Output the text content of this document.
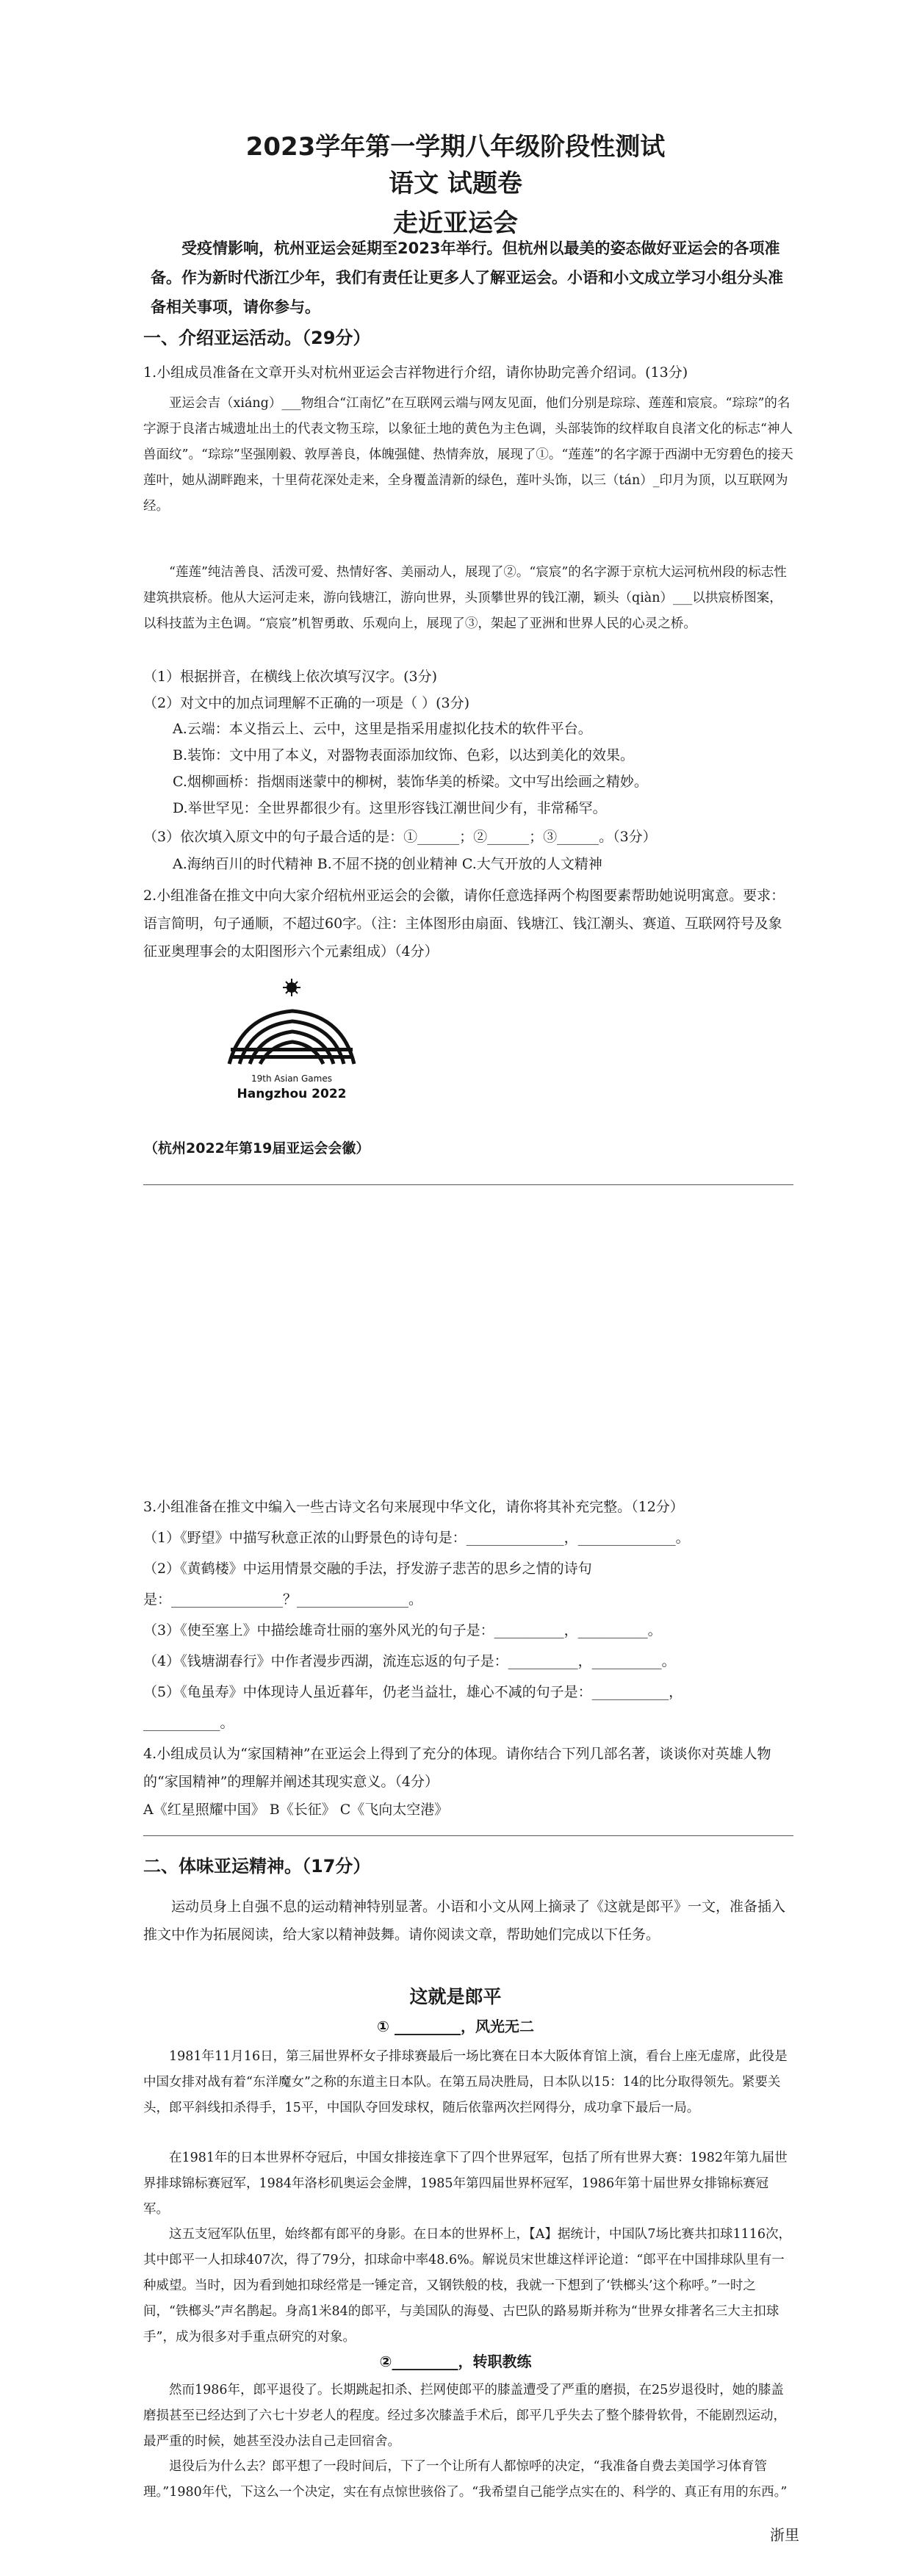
2023学年第一学期八年级阶段性测试
语文 试题卷
走近亚运会

受疫情影响，杭州亚运会延期至2023年举行。但杭州以最美的姿态做好亚运会的各项准备。作为新时代浙江少年，我们有责任让更多人了解亚运会。小语和小文成立学习小组分头准备相关事项，请你参与。

一、介绍亚运活动。（29分）

1.小组成员准备在文章开头对杭州亚运会吉祥物进行介绍，请你协助完善介绍词。(13分)

亚运会吉（xiáng）___物组合“江南忆”在互联网云端与网友见面，他们分别是琮琮、莲莲和宸宸。“琮琮”的名字源于良渚古城遗址出土的代表文物玉琮，以象征土地的黄色为主色调，头部装饰的纹样取自良渚文化的标志“神人兽面纹”。“琮琮”坚强刚毅、敦厚善良，体魄强健、热情奔放，展现了①。“莲莲”的名字源于西湖中无穷碧色的接天莲叶，她从湖畔跑来，十里荷花深处走来，全身覆盖清新的绿色，莲叶头饰，以三（tán）_印月为顶，以互联网为经。

“莲莲”纯洁善良、活泼可爱、热情好客、美丽动人，展现了②。“宸宸”的名字源于京杭大运河杭州段的标志性建筑拱宸桥。他从大运河走来，游向钱塘江，游向世界，头顶攀世界的钱江潮，颖头（qiàn）___以拱宸桥图案，以科技蓝为主色调。“宸宸”机智勇敢、乐观向上，展现了③，架起了亚洲和世界人民的心灵之桥。

（1）根据拼音，在横线上依次填写汉字。(3分)

（2）对文中的加点词理解不正确的一项是（ ）(3分)

A.云端：本义指云上、云中，这里是指采用虚拟化技术的软件平台。

B.装饰：文中用了本义，对器物表面添加纹饰、色彩，以达到美化的效果。

C.烟柳画桥：指烟雨迷蒙中的柳树，装饰华美的桥梁。文中写出绘画之精妙。

D.举世罕见：全世界都很少有。这里形容钱江潮世间少有，非常稀罕。

（3）依次填入原文中的句子最合适的是：①______；②______；③______。（3分）

A.海纳百川的时代精神 B.不屈不挠的创业精神 C.大气开放的人文精神

2.小组准备在推文中向大家介绍杭州亚运会的会徽，请你任意选择两个构图要素帮助她说明寓意。要求：语言简明，句子通顺，不超过60字。（注：主体图形由扇面、钱塘江、钱江潮头、赛道、互联网符号及象征亚奥理事会的太阳图形六个元素组成）（4分）

19th Asian Games
Hangzhou 2022
（杭州2022年第19届亚运会会徽）

3.小组准备在推文中编入一些古诗文名句来展现中华文化，请你将其补充完整。（12分）

（1）《野望》中描写秋意正浓的山野景色的诗句是：______________，______________。

（2）《黄鹤楼》中运用情景交融的手法，抒发游子悲苦的思乡之情的诗句

是：________________？________________。

（3）《使至塞上》中描绘雄奇壮丽的塞外风光的句子是：__________，__________。

（4）《钱塘湖春行》中作者漫步西湖，流连忘返的句子是：__________，__________。

（5）《龟虽寿》中体现诗人虽近暮年，仍老当益壮，雄心不减的句子是：___________，

___________。

4.小组成员认为“家国精神”在亚运会上得到了充分的体现。请你结合下列几部名著，谈谈你对英雄人物的“家国精神”的理解并阐述其现实意义。（4分）

A《红星照耀中国》 B《长征》 C《飞向太空港》

二、体味亚运精神。（17分）

运动员身上自强不息的运动精神特别显著。小语和小文从网上摘录了《这就是郎平》一文，准备插入推文中作为拓展阅读，给大家以精神鼓舞。请你阅读文章，帮助她们完成以下任务。

这就是郎平
① _________，风光无二

1981年11月16日，第三届世界杯女子排球赛最后一场比赛在日本大阪体育馆上演，看台上座无虚席，此役是中国女排对战有着“东洋魔女”之称的东道主日本队。在第五局决胜局，日本队以15：14的比分取得领先。紧要关头，郎平斜线扣杀得手，15平，中国队夺回发球权，随后依靠两次拦网得分，成功拿下最后一局。

在1981年的日本世界杯夺冠后，中国女排接连拿下了四个世界冠军，包括了所有世界大赛：1982年第九届世界排球锦标赛冠军，1984年洛杉矶奥运会金牌，1985年第四届世界杯冠军，1986年第十届世界女排锦标赛冠军。

这五支冠军队伍里，始终都有郎平的身影。在日本的世界杯上，【A】据统计，中国队7场比赛共扣球1116次，其中郎平一人扣球407次，得了79分，扣球命中率48.6%。解说员宋世雄这样评论道：“郎平在中国排球队里有一种威望。当时，因为看到她扣球经常是一锤定音，又钢铁般的枝，我就一下想到了‘铁榔头’这个称呼。”一时之间，“铁榔头”声名鹊起。身高1米84的郎平，与美国队的海曼、古巴队的路易斯并称为“世界女排著名三大主扣球手”，成为很多对手重点研究的对象。

②_________，转职教练

然而1986年，郎平退役了。长期跳起扣杀、拦网使郎平的膝盖遭受了严重的磨损，在25岁退役时，她的膝盖磨损甚至已经达到了六七十岁老人的程度。经过多次膝盖手术后，郎平几乎失去了整个膝骨软骨，不能剧烈运动，最严重的时候，她甚至没办法自己走回宿舍。

退役后为什么去？郎平想了一段时间后，下了一个让所有人都惊呼的决定，“我准备自费去美国学习体育管理。”1980年代，下这么一个决定，实在有点惊世骇俗了。“我希望自己能学点实在的、科学的、真正有用的东西。”

浙里
